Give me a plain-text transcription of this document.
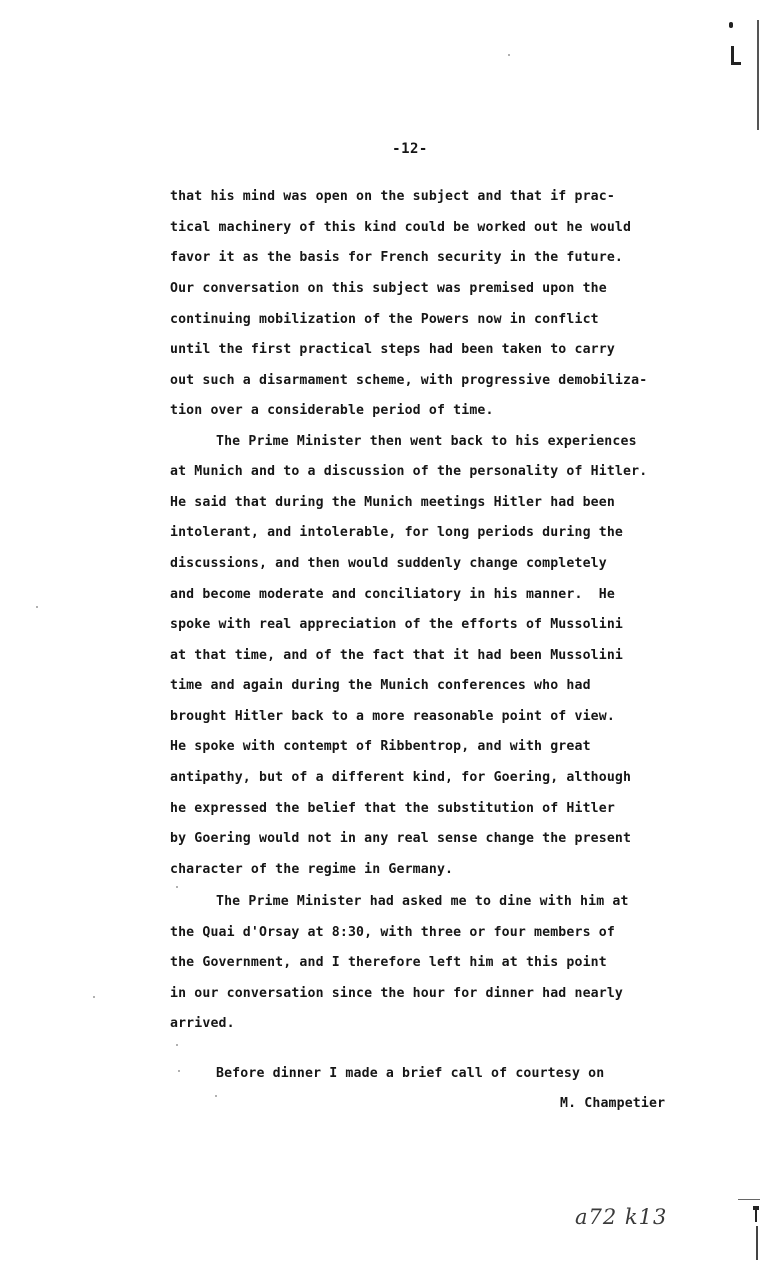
-12-
that his mind was open on the subject and that if prac-
tical machinery of this kind could be worked out he would
favor it as the basis for French security in the future.
Our conversation on this subject was premised upon the
continuing mobilization of the Powers now in conflict
until the first practical steps had been taken to carry
out such a disarmament scheme, with progressive demobiliza-
tion over a considerable period of time.
The Prime Minister then went back to his experiences
at Munich and to a discussion of the personality of Hitler.
He said that during the Munich meetings Hitler had been
intolerant, and intolerable, for long periods during the
discussions, and then would suddenly change completely
and become moderate and conciliatory in his manner.  He
spoke with real appreciation of the efforts of Mussolini
at that time, and of the fact that it had been Mussolini
time and again during the Munich conferences who had
brought Hitler back to a more reasonable point of view.
He spoke with contempt of Ribbentrop, and with great
antipathy, but of a different kind, for Goering, although
he expressed the belief that the substitution of Hitler
by Goering would not in any real sense change the present
character of the regime in Germany.
The Prime Minister had asked me to dine with him at
the Quai d'Orsay at 8:30, with three or four members of
the Government, and I therefore left him at this point
in our conversation since the hour for dinner had nearly
arrived.
Before dinner I made a brief call of courtesy on
M. Champetier
a72 k13
